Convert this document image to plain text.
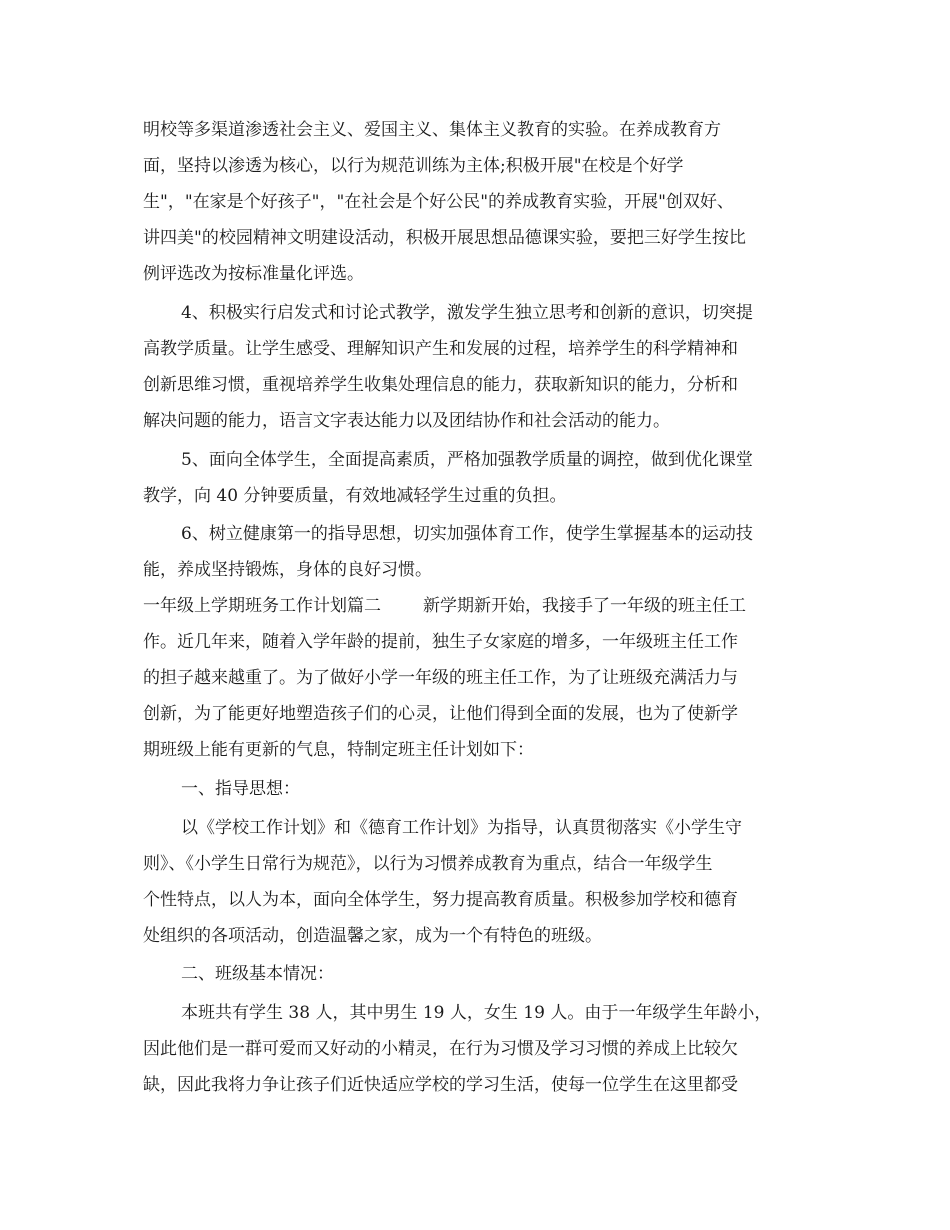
明校等多渠道渗透社会主义、爱国主义、集体主义教育的实验。在养成教育方
面，坚持以渗透为核心，以行为规范训练为主体;积极开展"在校是个好学
生"，"在家是个好孩子"，"在社会是个好公民"的养成教育实验，开展"创双好、
讲四美"的校园精神文明建设活动，积极开展思想品德课实验，要把三好学生按比
例评选改为按标准量化评选。
4、积极实行启发式和讨论式教学，激发学生独立思考和创新的意识，切突提
高教学质量。让学生感受、理解知识产生和发展的过程，培养学生的科学精神和
创新思维习惯，重视培养学生收集处理信息的能力，获取新知识的能力，分析和
解决问题的能力，语言文字表达能力以及团结协作和社会活动的能力。
5、面向全体学生，全面提高素质，严格加强教学质量的调控，做到优化课堂
教学，向 40 分钟要质量，有效地减轻学生过重的负担。
6、树立健康第一的指导思想，切实加强体育工作，使学生掌握基本的运动技
能，养成坚持锻炼，身体的良好习惯。
一年级上学期班务工作计划篇二 新学期新开始，我接手了一年级的班主任工
作。近几年来，随着入学年龄的提前，独生子女家庭的增多，一年级班主任工作
的担子越来越重了。为了做好小学一年级的班主任工作，为了让班级充满活力与
创新，为了能更好地塑造孩子们的心灵，让他们得到全面的发展，也为了使新学
期班级上能有更新的气息，特制定班主任计划如下：
一、指导思想：
以《学校工作计划》和《德育工作计划》为指导，认真贯彻落实《小学生守
则》、《小学生日常行为规范》，以行为习惯养成教育为重点，结合一年级学生
个性特点，以人为本，面向全体学生，努力提高教育质量。积极参加学校和德育
处组织的各项活动，创造温馨之家，成为一个有特色的班级。
二、班级基本情况：
本班共有学生 38 人，其中男生 19 人，女生 19 人。由于一年级学生年龄小，
因此他们是一群可爱而又好动的小精灵，在行为习惯及学习习惯的养成上比较欠
缺，因此我将力争让孩子们近快适应学校的学习生活，使每一位学生在这里都受
